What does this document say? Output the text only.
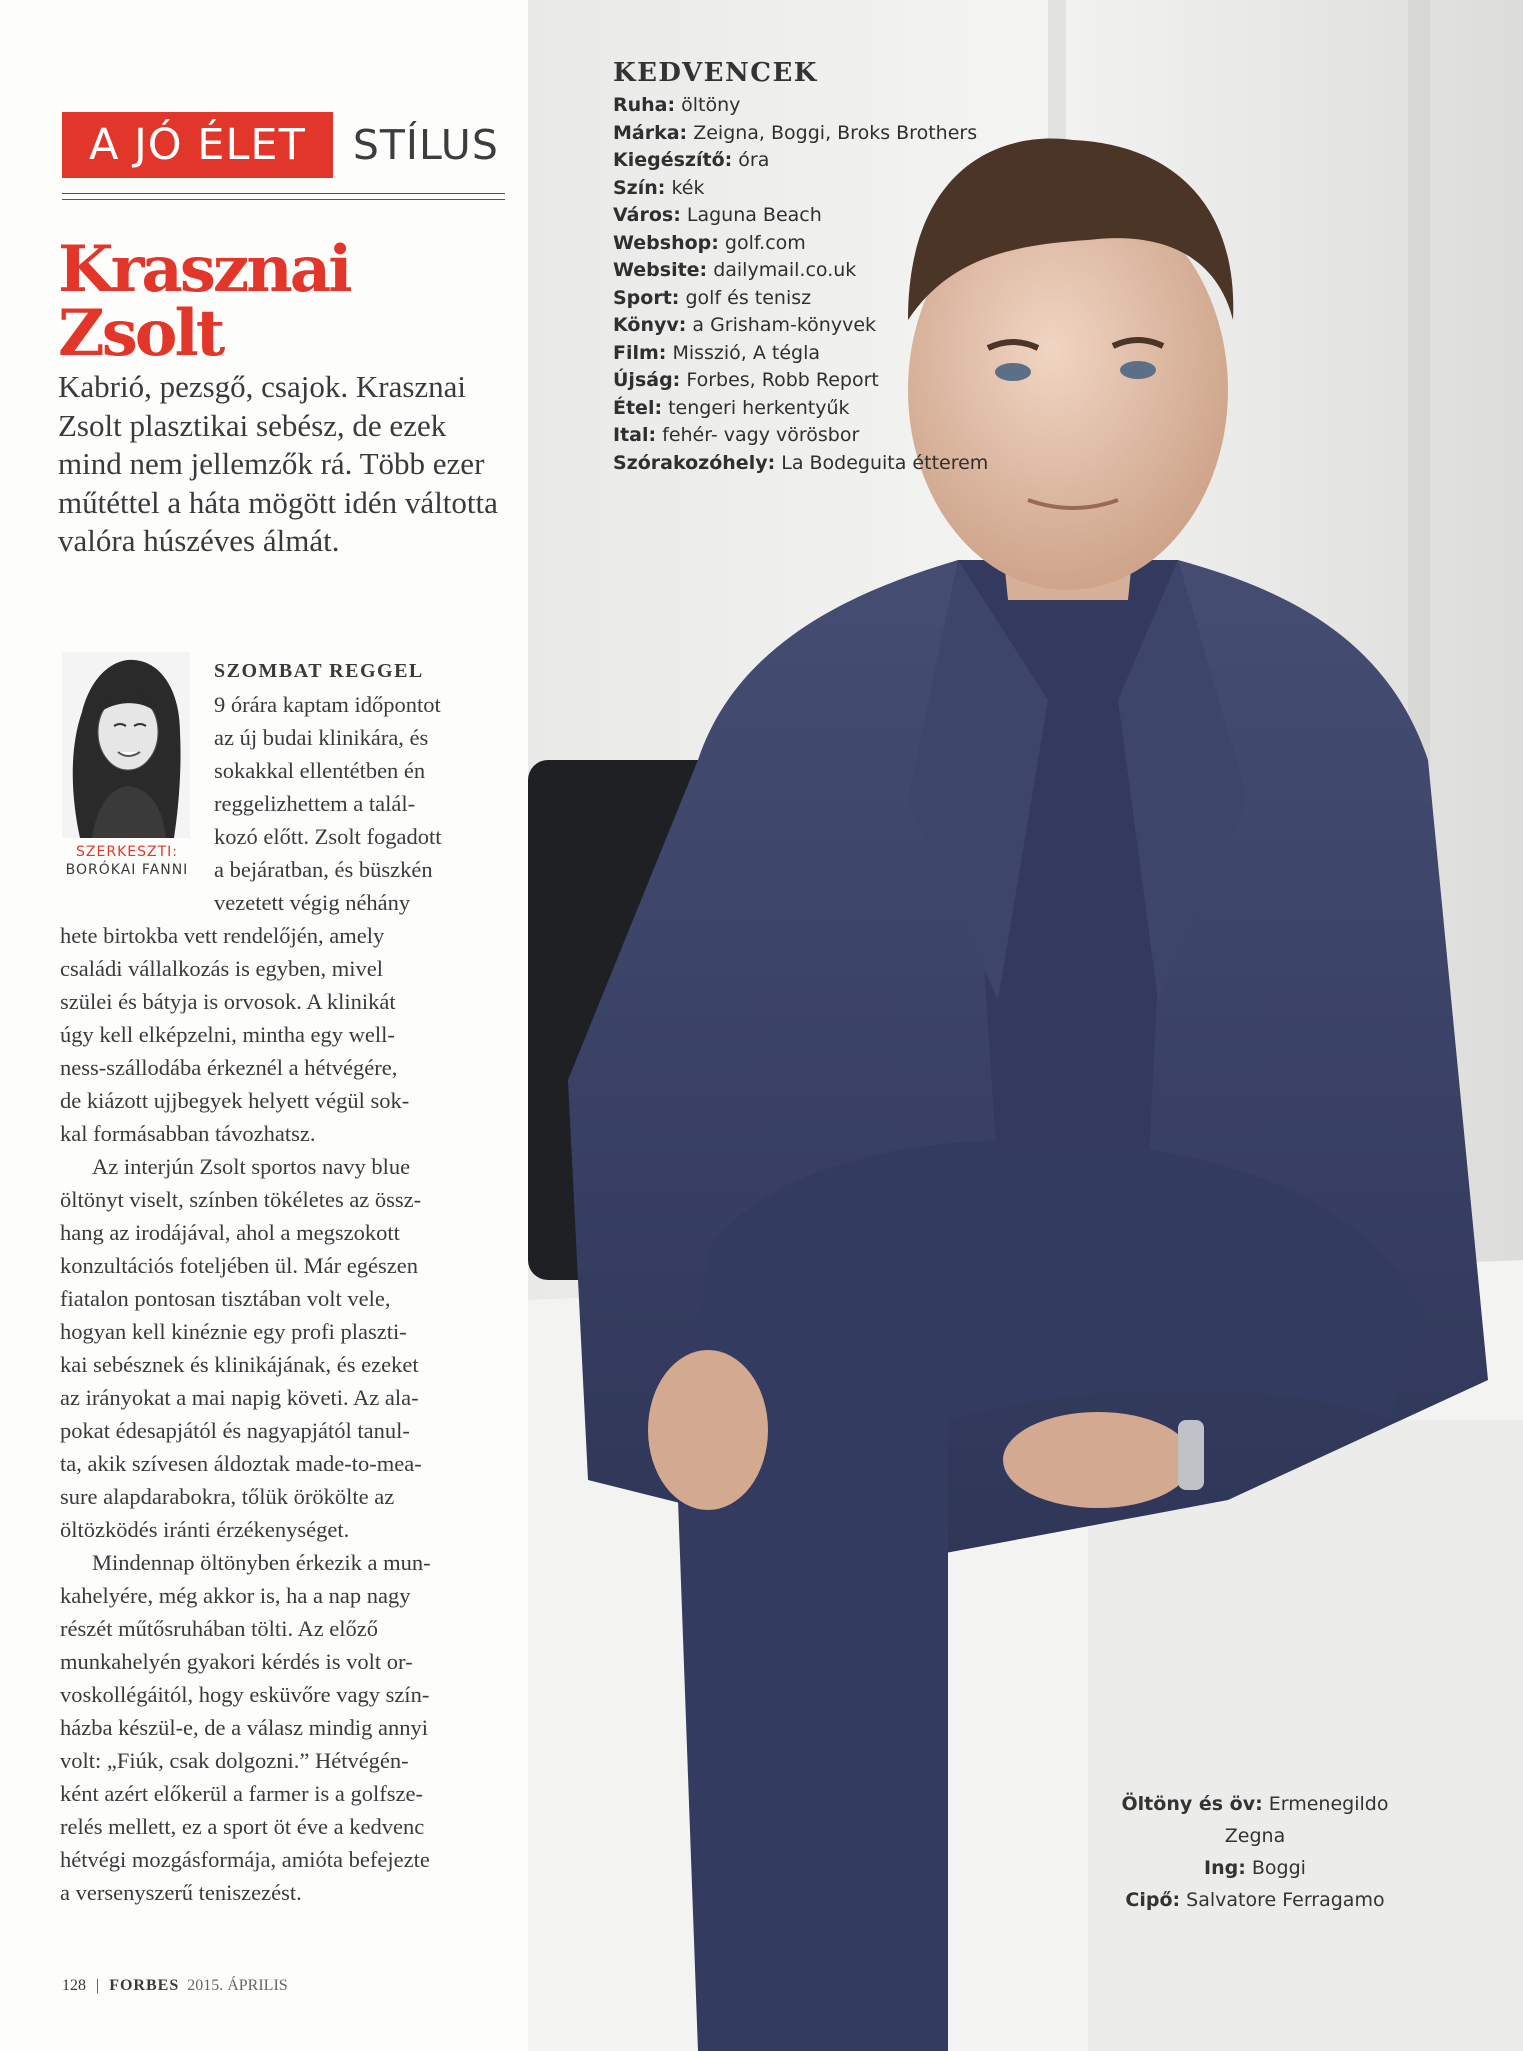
A JÓ ÉLET	STÍLUS
Krasznai Zsolt

Kabrió, pezsgő, csajok. Krasznai Zsolt plasztikai sebész, de ezek mind nem jellemzők rá. Több ezer műtéttel a háta mögött idén váltotta valóra húszéves álmát.

SZERKESZTI:
BORÓKAI FANNI
SZOMBAT REGGEL
9 órára kaptam időpontot
az új budai klinikára, és
sokakkal ellentétben én
reggelizhettem a talál-
kozó előtt. Zsolt fogadott
a bejáratban, és büszkén
vezetett végig néhány
hete birtokba vett rendelőjén, amely
családi vállalkozás is egyben, mivel
szülei és bátyja is orvosok. A klinikát
úgy kell elképzelni, mintha egy well-
ness-szállodába érkeznél a hétvégére,
de kiázott ujjbegyek helyett végül sok-
kal formásabban távozhatsz.
Az interjún Zsolt sportos navy blue
öltönyt viselt, színben tökéletes az össz-
hang az irodájával, ahol a megszokott
konzultációs foteljében ül. Már egészen
fiatalon pontosan tisztában volt vele,
hogyan kell kinéznie egy profi plaszti-
kai sebésznek és klinikájának, és ezeket
az irányokat a mai napig követi. Az ala-
pokat édesapjától és nagyapjától tanul-
ta, akik szívesen áldoztak made-to-mea-
sure alapdarabokra, tőlük örökölte az
öltözködés iránti érzékenységet.
Mindennap öltönyben érkezik a mun-
kahelyére, még akkor is, ha a nap nagy
részét műtősruhában tölti. Az előző
munkahelyén gyakori kérdés is volt or-
voskollégáitól, hogy esküvőre vagy szín-
házba készül-e, de a válasz mindig annyi
volt: „Fiúk, csak dolgozni.” Hétvégén-
ként azért előkerül a farmer is a golfsze-
relés mellett, ez a sport öt éve a kedvenc
hétvégi mozgásformája, amióta befejezte
a versenyszerű teniszezést.
128 | FORBES 2015. ÁPRILIS
Öltöny és öv: Ermenegildo Zegna
Ing: Boggi
Cipő: Salvatore Ferragamo
KEDVENCEK
Ruha: öltöny
Márka: Zeigna, Boggi, Broks Brothers
Kiegészítő: óra
Szín: kék
Város: Laguna Beach
Webshop: golf.com
Website: dailymail.co.uk
Sport: golf és tenisz
Könyv: a Grisham-könyvek
Film: Misszió, A tégla
Újság: Forbes, Robb Report
Étel: tengeri herkentyűk
Ital: fehér- vagy vörösbor
Szórakozóhely: La Bodeguita étterem
